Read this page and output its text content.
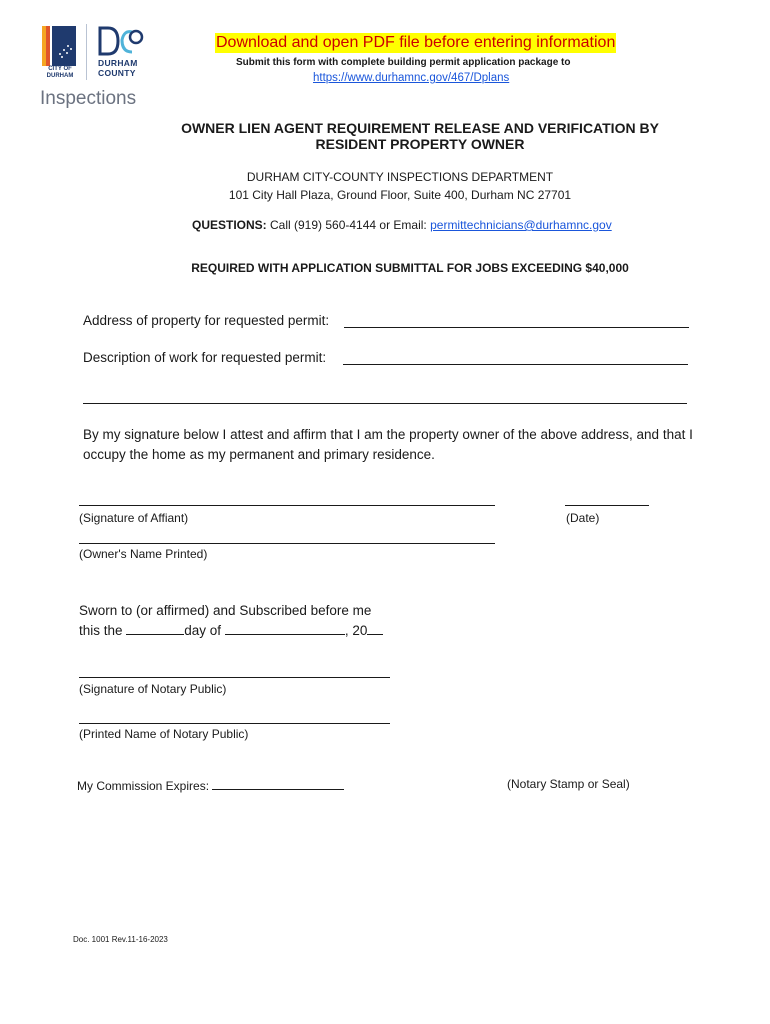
CITY OF DURHAM
DURHAM
COUNTY
Inspections
Download and open PDF file before entering information
Submit this form with complete building permit application package to
https://www.durhamnc.gov/467/Dplans
OWNER LIEN AGENT REQUIREMENT RELEASE AND VERIFICATION BY
RESIDENT PROPERTY OWNER
DURHAM CITY-COUNTY INSPECTIONS DEPARTMENT
101 City Hall Plaza, Ground Floor, Suite 400, Durham NC 27701
QUESTIONS: Call (919) 560-4144 or Email: permittechnicians@durhamnc.gov
REQUIRED WITH APPLICATION SUBMITTAL FOR JOBS EXCEEDING $40,000
Address of property for requested permit:
Description of work for requested permit:
By my signature below I attest and affirm that I am the property owner of the above address, and that I occupy the home as my permanent and primary residence.
(Signature of Affiant)	(Date)
(Owner's Name Printed)
Sworn to (or affirmed) and Subscribed before me
this the	day of	, 20
(Signature of Notary Public)
(Printed Name of Notary Public)
My Commission Expires:	(Notary Stamp or Seal)
Doc. 1001 Rev.11-16-2023
